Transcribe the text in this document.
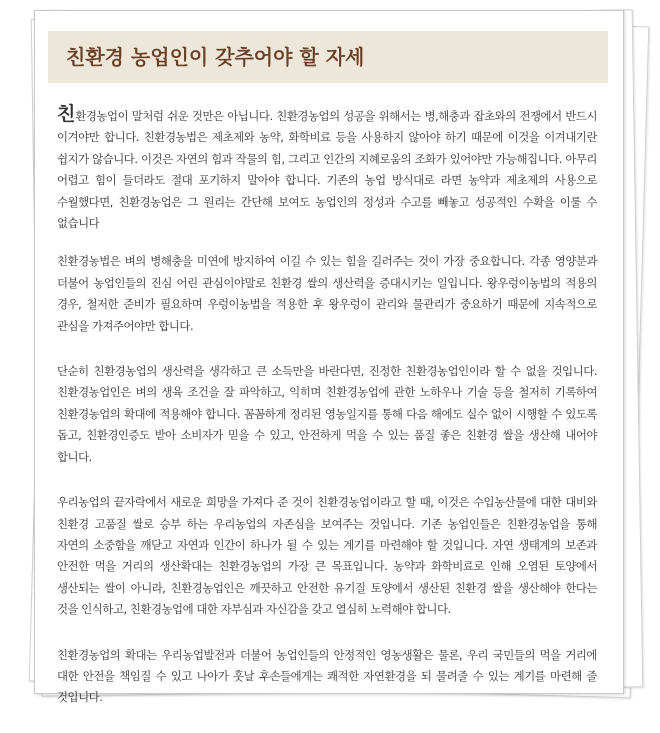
친환경 농업인이 갖추어야 할 자세

친환경농업이 말처럼 쉬운 것만은 아닙니다. 친환경농업의 성공을 위해서는 병,해충과 잡초와의 전쟁에서 반드시 이겨야만 합니다. 친환경농법은 제초제와 농약, 화학비료 등을 사용하지 않아야 하기 때문에 이것을 이겨내기란 쉽지가 않습니다. 이것은 자연의 힘과 작물의 힘, 그리고 인간의 지혜로움의 조화가 있어야만 가능해집니다. 아무리 어렵고 힘이 들더라도 절대 포기하지 말아야 합니다. 기존의 농업 방식대로 라면 농약과 제초제의 사용으로 수월했다면, 친환경농업은 그 원리는 간단해 보여도 농업인의 정성과 수고를 빼놓고 성공적인 수확을 이룰 수 없습니다

친환경농법은 벼의 병해충을 미연에 방지하여 이길 수 있는 힘을 길러주는 것이 가장 중요합니다. 각종 영양분과 더불어 농업인들의 진심 어린 관심이야말로 친환경 쌀의 생산력을 증대시키는 일입니다. 왕우렁이농법의 적용의 경우, 철저한 준비가 필요하며 우렁이농법을 적용한 후 왕우렁이 관리와 물관리가 중요하기 때문에 지속적으로 관심을 가져주어야만 합니다.

단순히 친환경농업의 생산력을 생각하고 큰 소득만을 바란다면, 진정한 친환경농업인이라 할 수 없을 것입니다. 친환경농업인은 벼의 생육 조건을 잘 파악하고, 익히며 친환경농업에 관한 노하우나 기술 등을 철저히 기록하여 친환경농업의 확대에 적용해야 합니다. 꼼꼼하게 정리된 영농일지를 통해 다음 해에도 실수 없이 시행할 수 있도록 돕고, 친환경인증도 받아 소비자가 믿을 수 있고, 안전하게 먹을 수 있는 품질 좋은 친환경 쌀을 생산해 내어야 합니다.

우리농업의 끝자락에서 새로운 희망을 가져다 준 것이 친환경농업이라고 할 때, 이것은 수입농산물에 대한 대비와 친환경 고품질 쌀로 승부 하는 우리농업의 자존심을 보여주는 것입니다. 기존 농업인들은 친환경농업을 통해 자연의 소중함을 깨닫고 자연과 인간이 하나가 될 수 있는 계기를 마련해야 할 것입니다. 자연 생태계의 보존과 안전한 먹을 거리의 생산확대는 친환경농업의 가장 큰 목표입니다. 농약과 화학비료로 인해 오염된 토양에서 생산되는 쌀이 아니라, 친환경농업인은 깨끗하고 안전한 유기질 토양에서 생산된 친환경 쌀을 생산해야 한다는 것을 인식하고, 친환경농업에 대한 자부심과 자신감을 갖고 열심히 노력해야 합니다.

친환경농업의 확대는 우리농업발전과 더불어 농업인들의 안정적인 영농생활은 물론, 우리 국민들의 먹을 거리에 대한 안전을 책임질 수 있고 나아가 훗날 후손들에게는 쾌적한 자연환경을 되 물려줄 수 있는 계기를 마련해 줄 것입니다.
